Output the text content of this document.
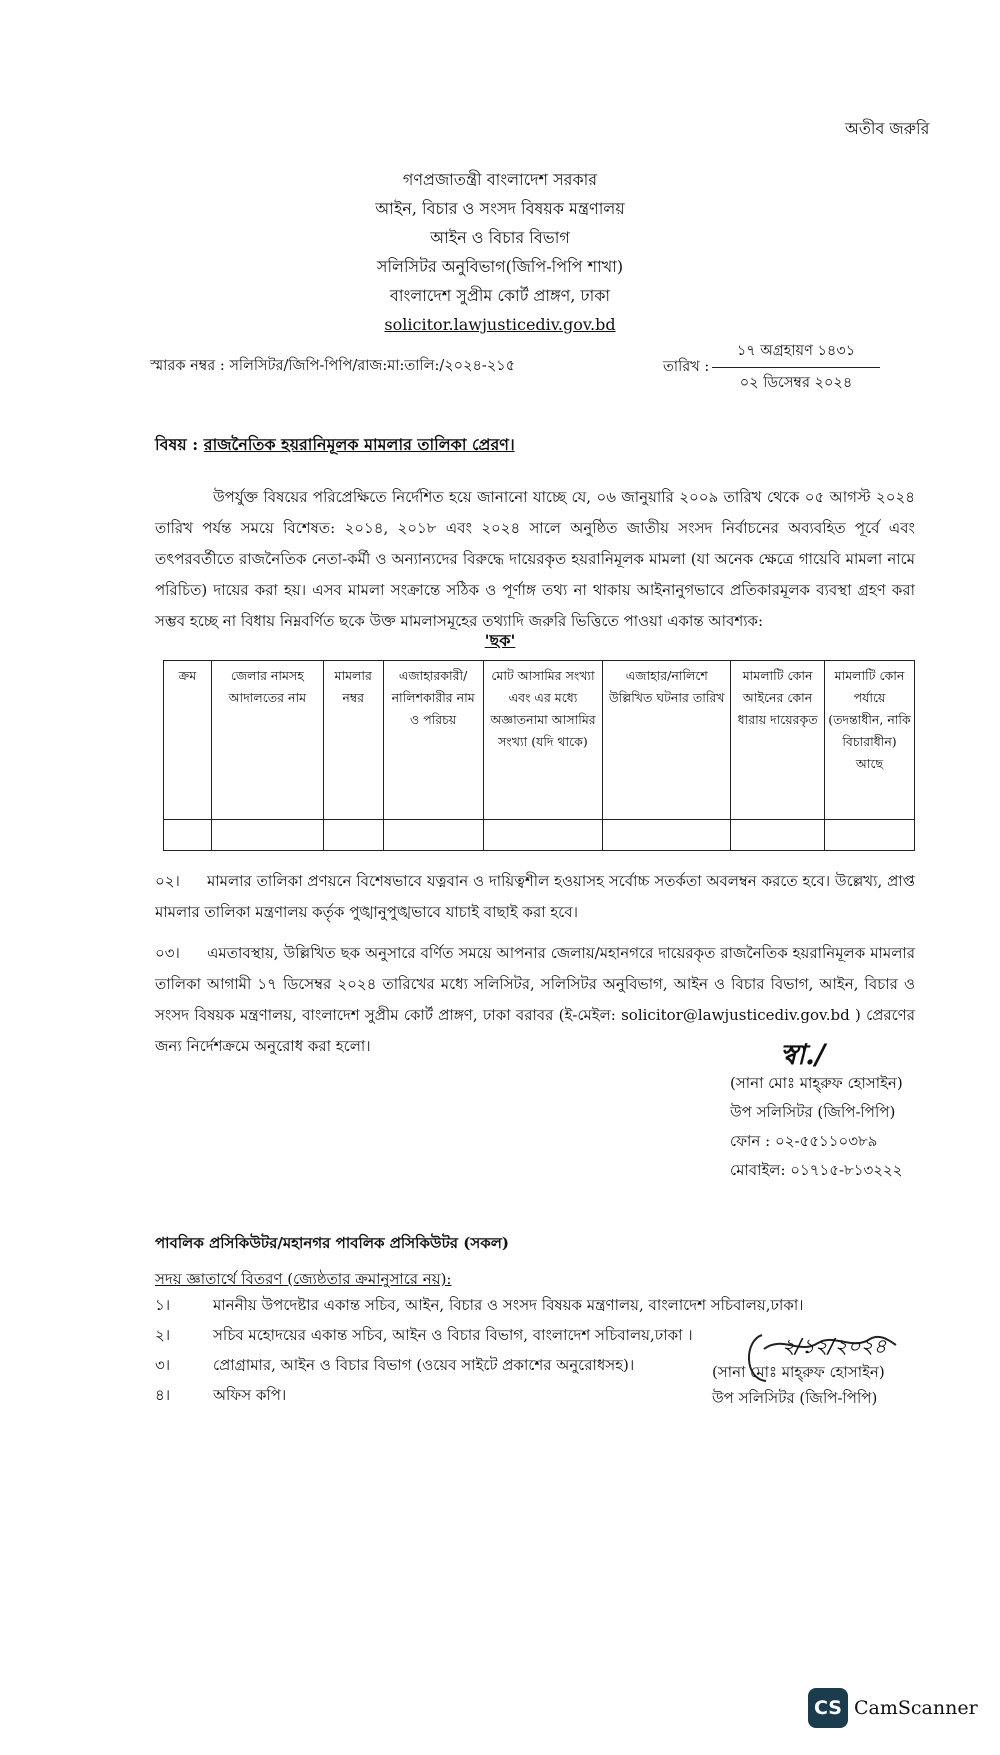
অতীব জরুরি
গণপ্রজাতন্ত্রী বাংলাদেশ সরকার
আইন, বিচার ও সংসদ বিষয়ক মন্ত্রণালয়
আইন ও বিচার বিভাগ
সলিসিটর অনুবিভাগ(জিপি-পিপি শাখা)
বাংলাদেশ সুপ্রীম কোর্ট প্রাঙ্গণ, ঢাকা
solicitor.lawjusticediv.gov.bd
স্মারক নম্বর : সলিসিটর/জিপি-পিপি/রাজ:মা:তালি:/২০২৪-২১৫	তারিখ :
১৭ অগ্রহায়ণ ১৪৩১
০২ ডিসেম্বর ২০২৪
বিষয় : রাজনৈতিক হয়রানিমূলক মামলার তালিকা প্রেরণ।
উপর্যুক্ত বিষয়ের পরিপ্রেক্ষিতে নির্দেশিত হয়ে জানানো যাচ্ছে যে, ০৬ জানুয়ারি ২০০৯ তারিখ থেকে ০৫ আগস্ট ২০২৪ তারিখ পর্যন্ত সময়ে বিশেষত: ২০১৪, ২০১৮ এবং ২০২৪ সালে অনুষ্ঠিত জাতীয় সংসদ নির্বাচনের অব্যবহিত পূর্বে এবং তৎপরবর্তীতে রাজনৈতিক নেতা-কর্মী ও অন্যান্যদের বিরুদ্ধে দায়েরকৃত হয়রানিমূলক মামলা (যা অনেক ক্ষেত্রে গায়েবি মামলা নামে পরিচিত) দায়ের করা হয়। এসব মামলা সংক্রান্তে সঠিক ও পূর্ণাঙ্গ তথ্য না থাকায় আইনানুগভাবে প্রতিকারমূলক ব্যবস্থা গ্রহণ করা সম্ভব হচ্ছে না বিধায় নিম্নবর্ণিত ছকে উক্ত মামলাসমূহের তথ্যাদি জরুরি ভিত্তিতে পাওয়া একান্ত আবশ্যক:
'ছক'
ক্রম	জেলার নামসহ আদালতের নাম	মামলার নম্বর	এজাহারকারী/ নালিশকারীর নাম ও পরিচয়	মোট আসামির সংখ্যা এবং এর মধ্যে অজ্ঞাতনামা আসামির সংখ্যা (যদি থাকে)	এজাহার/নালিশে উল্লিখিত ঘটনার তারিখ	মামলাটি কোন আইনের কোন ধারায় দায়েরকৃত	মামলাটি কোন পর্যায়ে (তদন্তাধীন, নাকি বিচারাধীন) আছে

০২। মামলার তালিকা প্রণয়নে বিশেষভাবে যত্নবান ও দায়িত্বশীল হওয়াসহ সর্বোচ্চ সতর্কতা অবলম্বন করতে হবে। উল্লেখ্য, প্রাপ্ত মামলার তালিকা মন্ত্রণালয় কর্তৃক পুঙ্খানুপুঙ্খভাবে যাচাই বাছাই করা হবে।
০৩। এমতাবস্থায়, উল্লিখিত ছক অনুসারে বর্ণিত সময়ে আপনার জেলায়/মহানগরে দায়েরকৃত রাজনৈতিক হয়রানিমূলক মামলার তালিকা আগামী ১৭ ডিসেম্বর ২০২৪ তারিখের মধ্যে সলিসিটর, সলিসিটর অনুবিভাগ, আইন ও বিচার বিভাগ, আইন, বিচার ও সংসদ বিষয়ক মন্ত্রণালয়, বাংলাদেশ সুপ্রীম কোর্ট প্রাঙ্গণ, ঢাকা বরাবর (ই-মেইল: solicitor@lawjusticediv.gov.bd ) প্রেরণের জন্য নির্দেশক্রমে অনুরোধ করা হলো।	স্বা./
(সানা মোঃ মাহ্‌রুফ হোসাইন)
উপ সলিসিটর (জিপি-পিপি)
ফোন : ০২-৫৫১১০৩৮৯
মোবাইল: ০১৭১৫-৮১৩২২২
পাবলিক প্রসিকিউটর/মহানগর পাবলিক প্রসিকিউটর (সকল)
সদয় জ্ঞাতার্থে বিতরণ (জ্যেষ্ঠতার ক্রমানুসারে নয়):
১।	মাননীয় উপদেষ্টার একান্ত সচিব, আইন, বিচার ও সংসদ বিষয়ক মন্ত্রণালয়, বাংলাদেশ সচিবালয়,ঢাকা।
২।	সচিব মহোদয়ের একান্ত সচিব, আইন ও বিচার বিভাগ, বাংলাদেশ সচিবালয়,ঢাকা ।
৩।	প্রোগ্রামার, আইন ও বিচার বিভাগ (ওয়েব সাইটে প্রকাশের অনুরোধসহ)।
৪।	অফিস কপি।
২/১২/২০২৪
(সানা মোঃ মাহ্‌রুফ হোসাইন)
উপ সলিসিটর (জিপি-পিপি)
CS CamScanner
